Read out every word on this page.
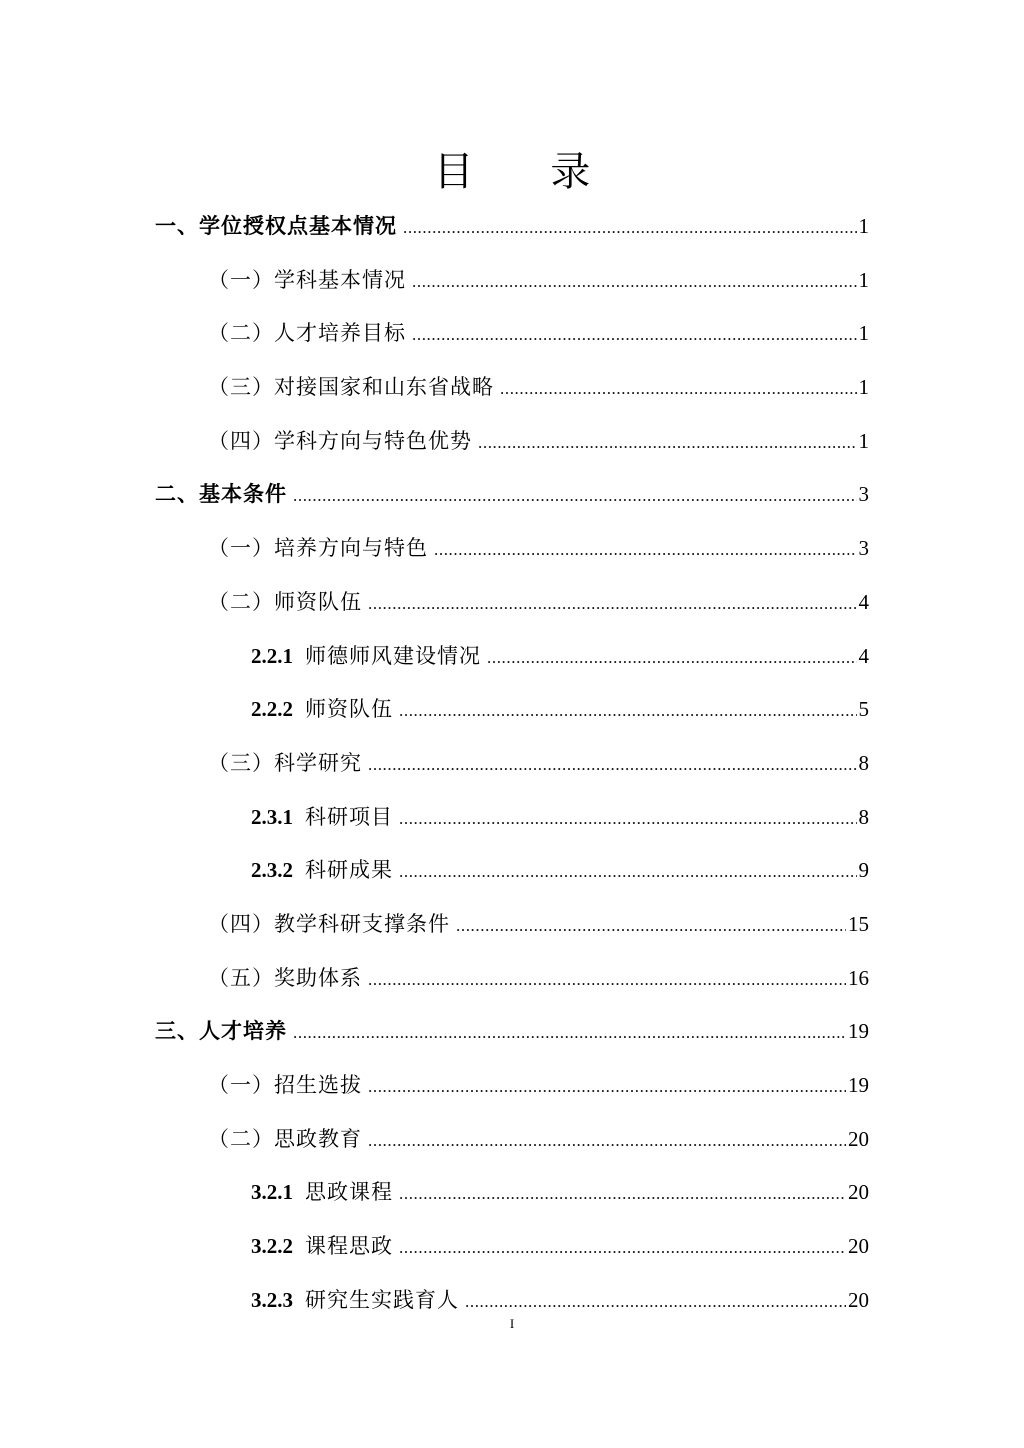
目 录
一、学位授权点基本情况 .....	1
（一）学科基本情况 .....	1
（二）人才培养目标 .....	1
（三）对接国家和山东省战略 .....	1
（四）学科方向与特色优势 .....	1
二、基本条件 .....	3
（一）培养方向与特色 .....	3
（二）师资队伍 .....	4
2.2.1 师德师风建设情况 .....	4
2.2.2 师资队伍 .....	5
（三）科学研究 .....	8
2.3.1 科研项目 .....	8
2.3.2 科研成果 .....	9
（四）教学科研支撑条件 .....	15
（五）奖助体系 .....	16
三、人才培养 .....	19
（一）招生选拔 .....	19
（二）思政教育 .....	20
3.2.1 思政课程 .....	20
3.2.2 课程思政 .....	20
3.2.3 研究生实践育人 .....	20
I
